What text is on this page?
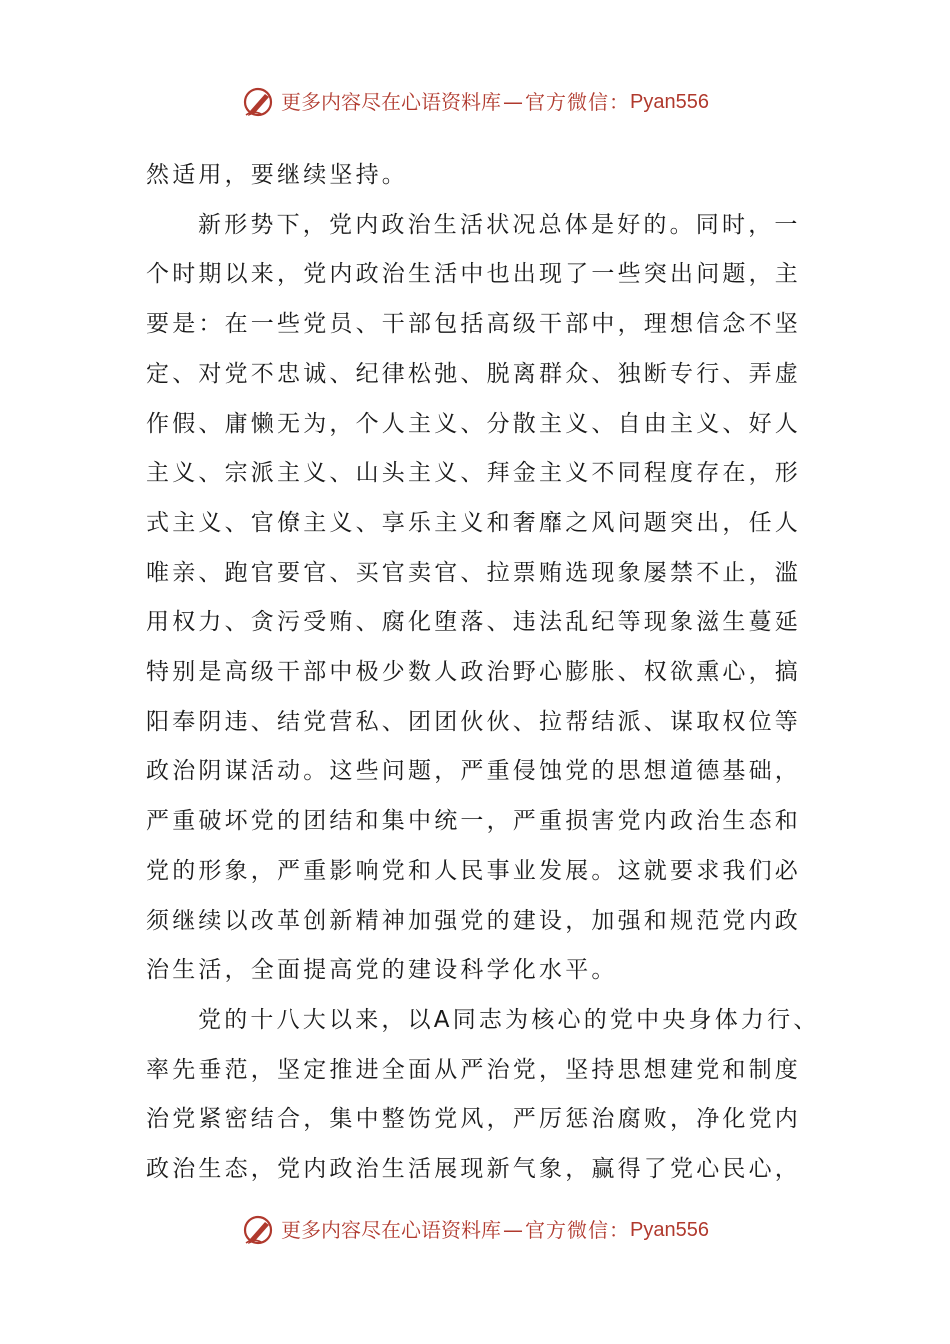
更多内容尽在心语资料库 — 官方微信： Pyan556

然适用，要继续坚持。

新形势下，党内政治生活状况总体是好的。同时，一
个时期以来，党内政治生活中也出现了一些突出问题，主
要是：在一些党员、干部包括高级干部中，理想信念不坚
定、对党不忠诚、纪律松弛、脱离群众、独断专行、弄虚
作假、庸懒无为，个人主义、分散主义、自由主义、好人
主义、宗派主义、山头主义、拜金主义不同程度存在，形
式主义、官僚主义、享乐主义和奢靡之风问题突出，任人
唯亲、跑官要官、买官卖官、拉票贿选现象屡禁不止，滥
用权力、贪污受贿、腐化堕落、违法乱纪等现象滋生蔓延
特别是高级干部中极少数人政治野心膨胀、权欲熏心，搞
阳奉阴违、结党营私、团团伙伙、拉帮结派、谋取权位等
政治阴谋活动。这些问题，严重侵蚀党的思想道德基础，
严重破坏党的团结和集中统一，严重损害党内政治生态和
党的形象，严重影响党和人民事业发展。这就要求我们必
须继续以改革创新精神加强党的建设，加强和规范党内政
治生活，全面提高党的建设科学化水平。

党的十八大以来，以A同志为核心的党中央身体力行、
率先垂范，坚定推进全面从严治党，坚持思想建党和制度
治党紧密结合，集中整饬党风，严厉惩治腐败，净化党内
政治生态，党内政治生活展现新气象，赢得了党心民心，

更多内容尽在心语资料库 — 官方微信： Pyan556
